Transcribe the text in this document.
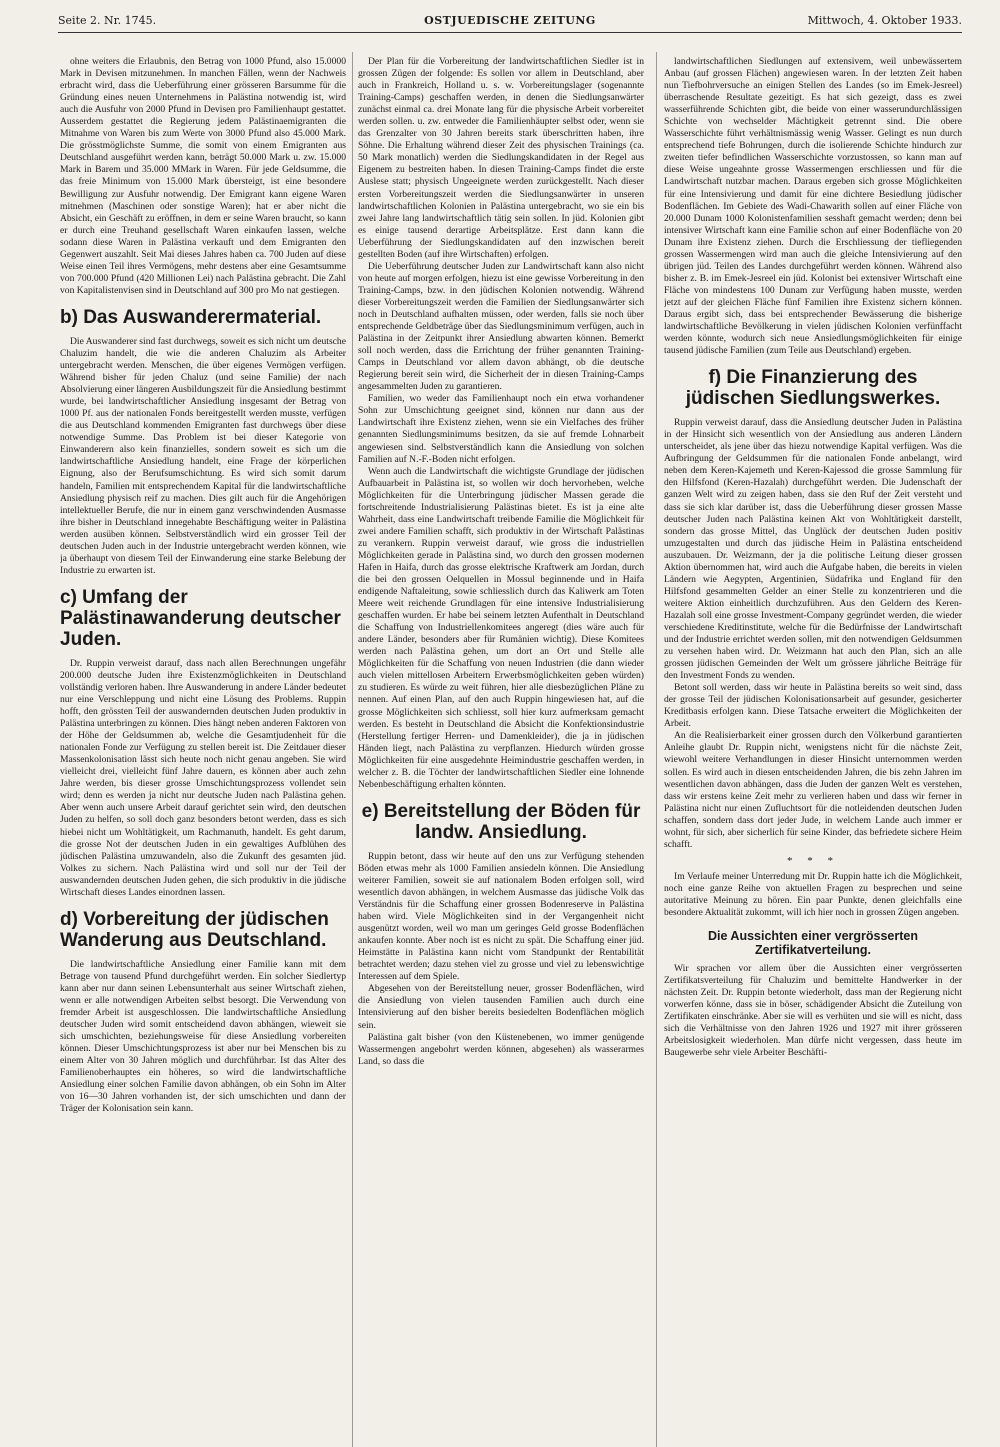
Seite 2. Nr. 1745.	OSTJUEDISCHE ZEITUNG	Mittwoch, 4. Oktober 1933.

ohne weiters die Erlaubnis, den Betrag von 1000 Pfund, also 15.0000 Mark in Devisen mitzunehmen. In manchen Fällen, wenn der Nachweis erbracht wird, dass die Ueberführung einer grösseren Barsumme für die Gründung eines neuen Unternehmens in Palästina notwendig ist, wird auch die Ausfuhr von 2000 Pfund in Devisen pro Familienhaupt gestattet. Ausserdem gestattet die Regierung jedem Palästinaemigranten die Mitnahme von Waren bis zum Werte von 3000 Pfund also 45.000 Mark. Die grösstmöglichste Summe, die somit von einem Emigranten aus Deutschland ausgeführt werden kann, beträgt 50.000 Mark u. zw. 15.000 Mark in Barem und 35.000 MMark in Waren. Für jede Geldsumme, die das freie Minimum von 15.000 Mark übersteigt, ist eine besondere Bewilligung zur Ausfuhr notwendig. Der Emigrant kann eigene Waren mitnehmen (Maschinen oder sonstige Waren); hat er aber nicht die Absicht, ein Geschäft zu eröffnen, in dem er seine Waren braucht, so kann er durch eine Treuhand gesellschaft Waren einkaufen lassen, welche sodann diese Waren in Palästina verkauft und dem Emigranten den Gegenwert auszahlt. Seit Mai dieses Jahres haben ca. 700 Juden auf diese Weise einen Teil ihres Vermögens, mehr destens aber eine Gesamtsumme von 700.000 Pfund (420 Millionen Lei) nach Palästina gebracht. Die Zahl von Kapitalistenvisen sind in Deutschland auf 300 pro Mo nat gestiegen.

b) Das Auswanderermaterial.

Die Auswanderer sind fast durchwegs, soweit es sich nicht um deutsche Chaluzim handelt, die wie die anderen Chaluzim als Arbeiter untergebracht werden. Menschen, die über eigenes Vermögen verfügen. Während bisher für jeden Chaluz (und seine Familie) der nach Absolvierung einer längeren Ausbildungszeit für die Ansiedlung bestimmt wurde, bei landwirtschaftlicher Ansiedlung insgesamt der Betrag von 1000 Pf. aus der nationalen Fonds bereitgestellt werden musste, verfügen die aus Deutschland kommenden Emigranten fast durchwegs über diese notwendige Summe. Das Problem ist bei dieser Kategorie von Einwanderern also kein finanzielles, sondern soweit es sich um die landwirtschaftliche Ansiedlung handelt, eine Frage der körperlichen Eignung, also der Berufsumschichtung. Es wird sich somit darum handeln, Familien mit entsprechendem Kapital für die landwirtschaftliche Ansiedlung physisch reif zu machen. Dies gilt auch für die Angehörigen intellektueller Berufe, die nur in einem ganz verschwindenden Ausmasse ihre bisher in Deutschland innegehabte Beschäftigung weiter in Palästina werden ausüben können. Selbstverständlich wird ein grosser Teil der deutschen Juden auch in der Industrie untergebracht werden können, wie ja überhaupt von diesem Teil der Einwanderung eine starke Belebung der Industrie zu erwarten ist.

c) Umfang der Palästinawanderung deutscher Juden.

Dr. Ruppin verweist darauf, dass nach allen Berechnungen ungefähr 200.000 deutsche Juden ihre Existenzmöglichkeiten in Deutschland vollständig verloren haben. Ihre Auswanderung in andere Länder bedeutet nur eine Verschleppung und nicht eine Lösung des Problems. Ruppin hofft, den grössten Teil der auswandernden deutschen Juden produktiv in Palästina unterbringen zu können. Dies hängt neben anderen Faktoren von der Höhe der Geldsummen ab, welche die Gesamtjudenheit für die nationalen Fonde zur Verfügung zu stellen bereit ist. Die Zeitdauer dieser Massenkolonisation lässt sich heute noch nicht genau angeben. Sie wird vielleicht drei, vielleicht fünf Jahre dauern, es können aber auch zehn Jahre werden, bis dieser grosse Umschichtungsprozess vollendet sein wird; denn es werden ja nicht nur deutsche Juden nach Palästina gehen. Aber wenn auch unsere Arbeit darauf gerichtet sein wird, den deutschen Juden zu helfen, so soll doch ganz besonders betont werden, dass es sich hiebei nicht um Wohltätigkeit, um Rachmanuth, handelt. Es geht darum, die grosse Not der deutschen Juden in ein gewaltiges Aufblühen des jüdischen Palästina umzuwandeln, also die Zukunft des gesamten jüd. Volkes zu sichern. Nach Palästina wird und soll nur der Teil der auswandernden deutschen Juden gehen, die sich produktiv in die jüdische Wirtschaft dieses Landes einordnen lassen.

d) Vorbereitung der jüdischen Wanderung aus Deutschland.

Die landwirtschaftliche Ansiedlung einer Familie kann mit dem Betrage von tausend Pfund durchgeführt werden. Ein solcher Siedlertyp kann aber nur dann seinen Lebensunterhalt aus seiner Wirtschaft ziehen, wenn er alle notwendigen Arbeiten selbst besorgt. Die Verwendung von fremder Arbeit ist ausgeschlossen. Die landwirtschaftliche Ansiedlung deutscher Juden wird somit entscheidend davon abhängen, wieweit sie sich umschichten, beziehungsweise für diese Ansiedlung vorbereiten können. Dieser Umschichtungsprozess ist aber nur bei Menschen bis zu einem Alter von 30 Jahren möglich und durchführbar. Ist das Alter des Familienoberhauptes ein höheres, so wird die landwirtschaftliche Ansiedlung einer solchen Familie davon abhängen, ob ein Sohn im Alter von 16—30 Jahren vorhanden ist, der sich umschichten und dann der Träger der Kolonisation sein kann.

Der Plan für die Vorbereitung der landwirtschaftlichen Siedler ist in grossen Zügen der folgende: Es sollen vor allem in Deutschland, aber auch in Frankreich, Holland u. s. w. Vorbereitungslager (sogenannte Training-Camps) geschaffen werden, in denen die Siedlungsanwärter zunächst einmal ca. drei Monate lang für die physische Arbeit vorbereitet werden sollen. u. zw. entweder die Familienhäupter selbst oder, wenn sie das Grenzalter von 30 Jahren bereits stark überschritten haben, ihre Söhne. Die Erhaltung während dieser Zeit des physischen Trainings (ca. 50 Mark monatlich) werden die Siedlungskandidaten in der Regel aus Eigenem zu bestreiten haben. In diesen Training-Camps findet die erste Auslese statt; physisch Ungeeignete werden zurückgestellt. Nach dieser ersten Vorbereitungszeit werden die Siedlungsanwärter in unseren landwirtschaftlichen Kolonien in Palästina untergebracht, wo sie ein bis zwei Jahre lang landwirtschaftlich tätig sein sollen. In jüd. Kolonien gibt es einige tausend derartige Arbeitsplätze. Erst dann kann die Ueberführung der Siedlungskandidaten auf den inzwischen bereit gestellten Boden (auf ihre Wirtschaften) erfolgen.

Die Ueberführung deutscher Juden zur Landwirtschaft kann also nicht von heute auf morgen erfolgen, hiezu ist eine gewisse Vorbereitung in den Training-Camps, bzw. in den jüdischen Kolonien notwendig. Während dieser Vorbereitungszeit werden die Familien der Siedlungsanwärter sich noch in Deutschland aufhalten müssen, oder werden, falls sie noch über entsprechende Geldbeträge über das Siedlungsminimum verfügen, auch in Palästina in der Zeitpunkt ihrer Ansiedlung abwarten können. Bemerkt soll noch werden, dass die Errichtung der früher genannten Training-Camps in Deutschland vor allem davon abhängt, ob die deutsche Regierung bereit sein wird, die Sicherheit der in diesen Training-Camps angesammelten Juden zu garantieren.

Familien, wo weder das Familienhaupt noch ein etwa vorhandener Sohn zur Umschichtung geeignet sind, können nur dann aus der Landwirtschaft ihre Existenz ziehen, wenn sie ein Vielfaches des früher genannten Siedlungsminimums besitzen, da sie auf fremde Lohnarbeit angewiesen sind. Selbstverständlich kann die Ansiedlung von solchen Familien auf N.-F.-Boden nicht erfolgen.

Wenn auch die Landwirtschaft die wichtigste Grundlage der jüdischen Aufbauarbeit in Palästina ist, so wollen wir doch hervorheben, welche Möglichkeiten für die Unterbringung jüdischer Massen gerade die fortschreitende Industrialisierung Palästinas bietet. Es ist ja eine alte Wahrheit, dass eine Landwirtschaft treibende Familie die Möglichkeit für zwei andere Familien schafft, sich produktiv in der Wirtschaft Palästinas zu verankern. Ruppin verweist darauf, wie gross die industriellen Möglichkeiten gerade in Palästina sind, wo durch den grossen modernen Hafen in Haifa, durch das grosse elektrische Kraftwerk am Jordan, durch die bei den grossen Oelquellen in Mossul beginnende und in Haifa endigende Naftaleitung, sowie schliesslich durch das Kaliwerk am Toten Meere weit reichende Grundlagen für eine intensive Industrialisierung geschaffen wurden. Er habe bei seinem letzten Aufenthalt in Deutschland die Schaffung von Industriellenkomitees angeregt (dies wäre auch für andere Länder, besonders aber für Rumänien wichtig). Diese Komitees werden nach Palästina gehen, um dort an Ort und Stelle alle Möglichkeiten für die Schaffung von neuen Industrien (die dann wieder auch vielen mittellosen Arbeitern Erwerbsmöglichkeiten geben würden) zu studieren. Es würde zu weit führen, hier alle diesbezüglichen Pläne zu nennen. Auf einen Plan, auf den auch Ruppin hingewiesen hat, auf die grosse Möglichkeiten sich schliesst, soll hier kurz aufmerksam gemacht werden. Es besteht in Deutschland die Absicht die Konfektionsindustrie (Herstellung fertiger Herren- und Damenkleider), die ja in jüdischen Händen liegt, nach Palästina zu verpflanzen. Hiedurch würden grosse Möglichkeiten für eine ausgedehnte Heimindustrie geschaffen werden, in welcher z. B. die Töchter der landwirtschaftlichen Siedler eine lohnende Nebenbeschäftigung erhalten könnten.

e) Bereitstellung der Böden für landw. Ansiedlung.

Ruppin betont, dass wir heute auf den uns zur Verfügung stehenden Böden etwas mehr als 1000 Familien ansiedeln können. Die Ansiedlung weiterer Familien, soweit sie auf nationalem Boden erfolgen soll, wird wesentlich davon abhängen, in welchem Ausmasse das jüdische Volk das Verständnis für die Schaffung einer grossen Bodenreserve in Palästina haben wird. Viele Möglichkeiten sind in der Vergangenheit nicht ausgenützt worden, weil wo man um geringes Geld grosse Bodenflächen ankaufen konnte. Aber noch ist es nicht zu spät. Die Schaffung einer jüd. Heimstätte in Palästina kann nicht vom Standpunkt der Rentabilität betrachtet werden; dazu stehen viel zu grosse und viel zu lebenswichtige Interessen auf dem Spiele.

Abgesehen von der Bereitstellung neuer, grosser Bodenflächen, wird die Ansiedlung von vielen tausenden Familien auch durch eine Intensivierung auf den bisher bereits besiedelten Bodenflächen möglich sein.

Palästina galt bisher (von den Küstenebenen, wo immer genügende Wassermengen angebohrt werden können, abgesehen) als wasserarmes Land, so dass die

landwirtschaftlichen Siedlungen auf extensivem, weil unbewässertem Anbau (auf grossen Flächen) angewiesen waren. In der letzten Zeit haben nun Tiefbohrversuche an einigen Stellen des Landes (so im Emek-Jesreel) überraschende Resultate gezeitigt. Es hat sich gezeigt, dass es zwei wasserführende Schichten gibt, die beide von einer wasserundurchlässigen Schichte von wechselder Mächtigkeit getrennt sind. Die obere Wasserschichte führt verhältnismässig wenig Wasser. Gelingt es nun durch entsprechend tiefe Bohrungen, durch die isolierende Schichte hindurch zur zweiten tiefer befindlichen Wasserschichte vorzustossen, so kann man auf diese Weise ungeahnte grosse Wassermengen erschliessen und für die Landwirtschaft nutzbar machen. Daraus ergeben sich grosse Möglichkeiten für eine Intensivierung und damit für eine dichtere Besiedlung jüdischer Bodenflächen. Im Gebiete des Wadi-Chawarith sollen auf einer Fläche von 20.000 Dunam 1000 Kolonistenfamilien sesshaft gemacht werden; denn bei intensiver Wirtschaft kann eine Familie schon auf einer Bodenfläche von 20 Dunam ihre Existenz ziehen. Durch die Erschliessung der tiefliegenden grossen Wassermengen wird man auch die gleiche Intensivierung auf den übrigen jüd. Teilen des Landes durchgeführt werden können. Während also bisher z. B. im Emek-Jesreel ein jüd. Kolonist bei extensiver Wirtschaft eine Fläche von mindestens 100 Dunam zur Verfügung haben musste, werden jetzt auf der gleichen Fläche fünf Familien ihre Existenz sichern können. Daraus ergibt sich, dass bei entsprechender Bewässerung die bisherige landwirtschaftliche Bevölkerung in vielen jüdischen Kolonien verfünffacht werden könnte, wodurch sich neue Ansiedlungsmöglichkeiten für einige tausend jüdische Familien (zum Teile aus Deutschland) ergeben.

f) Die Finanzierung des jüdischen Siedlungswerkes.

Ruppin verweist darauf, dass die Ansiedlung deutscher Juden in Palästina in der Hinsicht sich wesentlich von der Ansiedlung aus anderen Ländern unterscheidet, als jene über das hiezu notwendige Kapital verfügen. Was die Aufbringung der Geldsummen für die nationalen Fonde anbelangt, wird neben dem Keren-Kajemeth und Keren-Kajessod die grosse Sammlung für den Hilfsfond (Keren-Hazalah) durchgeführt werden. Die Judenschaft der ganzen Welt wird zu zeigen haben, dass sie den Ruf der Zeit versteht und dass sie sich klar darüber ist, dass die Ueberführung dieser grossen Masse deutscher Juden nach Palästina keinen Akt von Wohltätigkeit darstellt, sondern das grosse Mittel, das Unglück der deutschen Juden positiv umzugestalten und durch das jüdische Heim in Palästina entscheidend auszubauen. Dr. Weizmann, der ja die politische Leitung dieser grossen Aktion übernommen hat, wird auch die Aufgabe haben, die bereits in vielen Ländern wie Aegypten, Argentinien, Südafrika und England für den Hilfsfond gesammelten Gelder an einer Stelle zu konzentrieren und die weitere Aktion einheitlich durchzuführen. Aus den Geldern des Keren-Hazalah soll eine grosse Investment-Company gegründet werden, die wieder verschiedene Kreditinstitute, welche für die Bedürfnisse der Landwirtschaft und der Industrie errichtet werden sollen, mit den notwendigen Geldsummen zu versehen haben wird. Dr. Weizmann hat auch den Plan, sich an alle grossen jüdischen Gemeinden der Welt um grössere jährliche Beiträge für den Investment Fonds zu wenden.

Betont soll werden, dass wir heute in Palästina bereits so weit sind, dass der grosse Teil der jüdischen Kolonisationsarbeit auf gesunder, gesicherter Kreditbasis erfolgen kann. Diese Tatsache erweitert die Möglichkeiten der Arbeit.

An die Realisierbarkeit einer grossen durch den Völkerbund garantierten Anleihe glaubt Dr. Ruppin nicht, wenigstens nicht für die nächste Zeit, wiewohl weitere Verhandlungen in dieser Hinsicht unternommen werden sollen. Es wird auch in diesen entscheidenden Jahren, die bis zehn Jahren im wesentlichen davon abhängen, dass die Juden der ganzen Welt es verstehen, dass wir erstens keine Zeit mehr zu verlieren haben und dass wir ferner in Palästina nicht nur einen Zufluchtsort für die notleidenden deutschen Juden schaffen, sondern dass dort jeder Jude, in welchem Lande auch immer er wohnt, für sich, aber sicherlich für seine Kinder, das befriedete sichere Heim schafft.

* * *

Im Verlaufe meiner Unterredung mit Dr. Ruppin hatte ich die Möglichkeit, noch eine ganze Reihe von aktuellen Fragen zu besprechen und seine autoritative Meinung zu hören. Ein paar Punkte, denen gleichfalls eine besondere Aktualität zukommt, will ich hier noch in grossen Zügen angeben.

Die Aussichten einer vergrösserten Zertifikatverteilung.

Wir sprachen vor allem über die Aussichten einer vergrösserten Zertifikatsverteilung für Chaluzim und bemittelte Handwerker in der nächsten Zeit. Dr. Ruppin betonte wiederholt, dass man der Regierung nicht vorwerfen könne, dass sie in böser, schädigender Absicht die Zuteilung von Zertifikaten einschränke. Aber sie will es verhüten und sie will es nicht, dass sich die Verhältnisse von den Jahren 1926 und 1927 mit ihrer grösseren Arbeitslosigkeit wiederholen. Man dürfe nicht vergessen, dass heute im Baugewerbe sehr viele Arbeiter Beschäfti-
